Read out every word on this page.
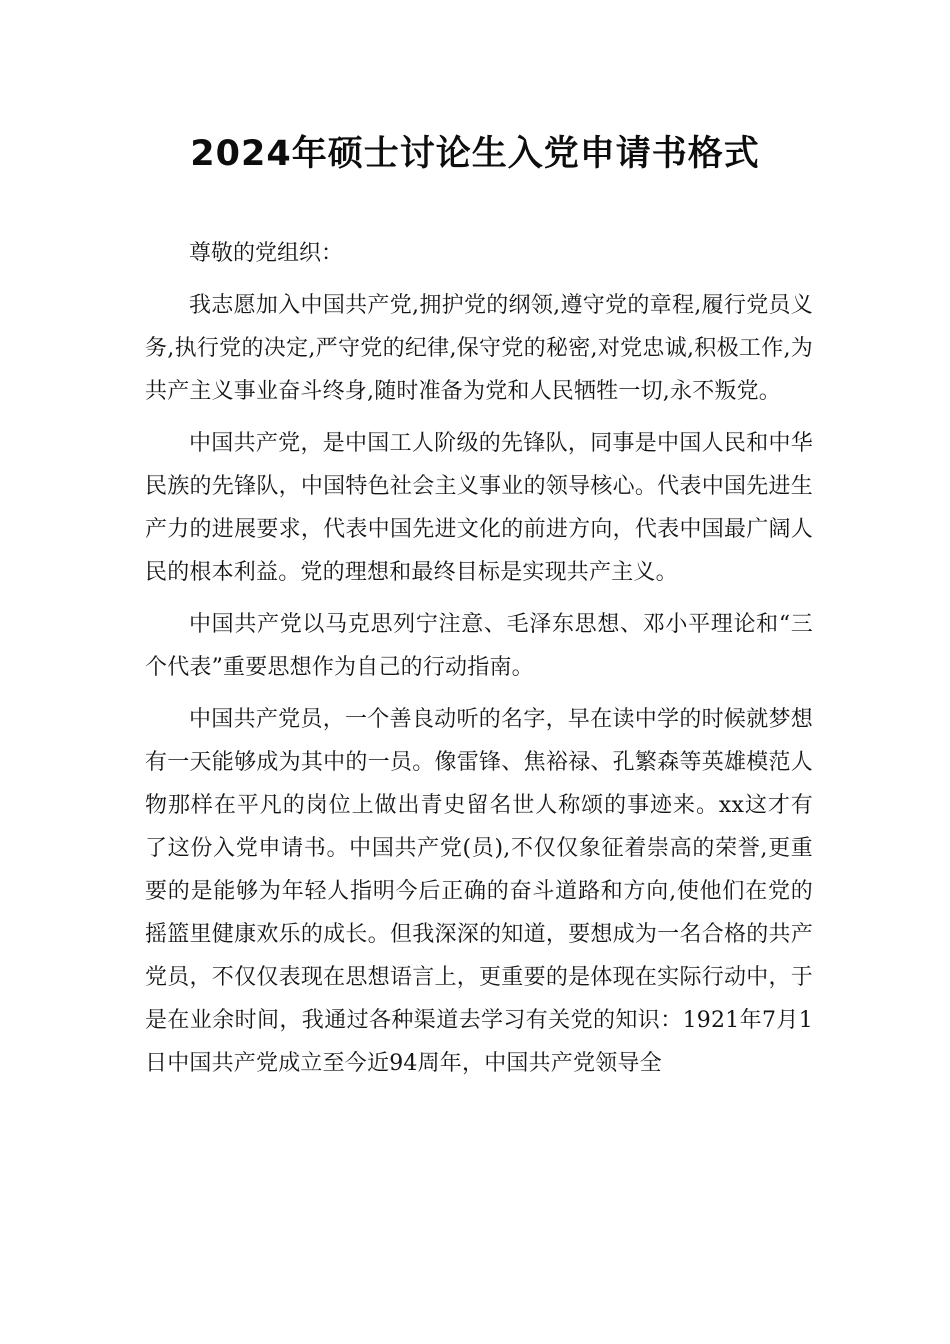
2024年硕士讨论生入党申请书格式

尊敬的党组织：

我志愿加入中国共产党,拥护党的纲领,遵守党的章程,履行党员义务,执行党的决定,严守党的纪律,保守党的秘密,对党忠诚,积极工作,为共产主义事业奋斗终身,随时准备为党和人民牺牲一切,永不叛党。

中国共产党，是中国工人阶级的先锋队，同事是中国人民和中华民族的先锋队，中国特色社会主义事业的领导核心。代表中国先进生产力的进展要求，代表中国先进文化的前进方向，代表中国最广阔人民的根本利益。党的理想和最终目标是实现共产主义。

中国共产党以马克思列宁注意、毛泽东思想、邓小平理论和“三个代表”重要思想作为自己的行动指南。

中国共产党员，一个善良动听的名字，早在读中学的时候就梦想有一天能够成为其中的一员。像雷锋、焦裕禄、孔繁森等英雄模范人物那样在平凡的岗位上做出青史留名世人称颂的事迹来。xx这才有了这份入党申请书。中国共产党(员),不仅仅象征着崇高的荣誉,更重要的是能够为年轻人指明今后正确的奋斗道路和方向,使他们在党的摇篮里健康欢乐的成长。但我深深的知道，要想成为一名合格的共产党员，不仅仅表现在思想语言上，更重要的是体现在实际行动中，于是在业余时间，我通过各种渠道去学习有关党的知识：1921年7月1日中国共产党成立至今近94周年，中国共产党领导全
